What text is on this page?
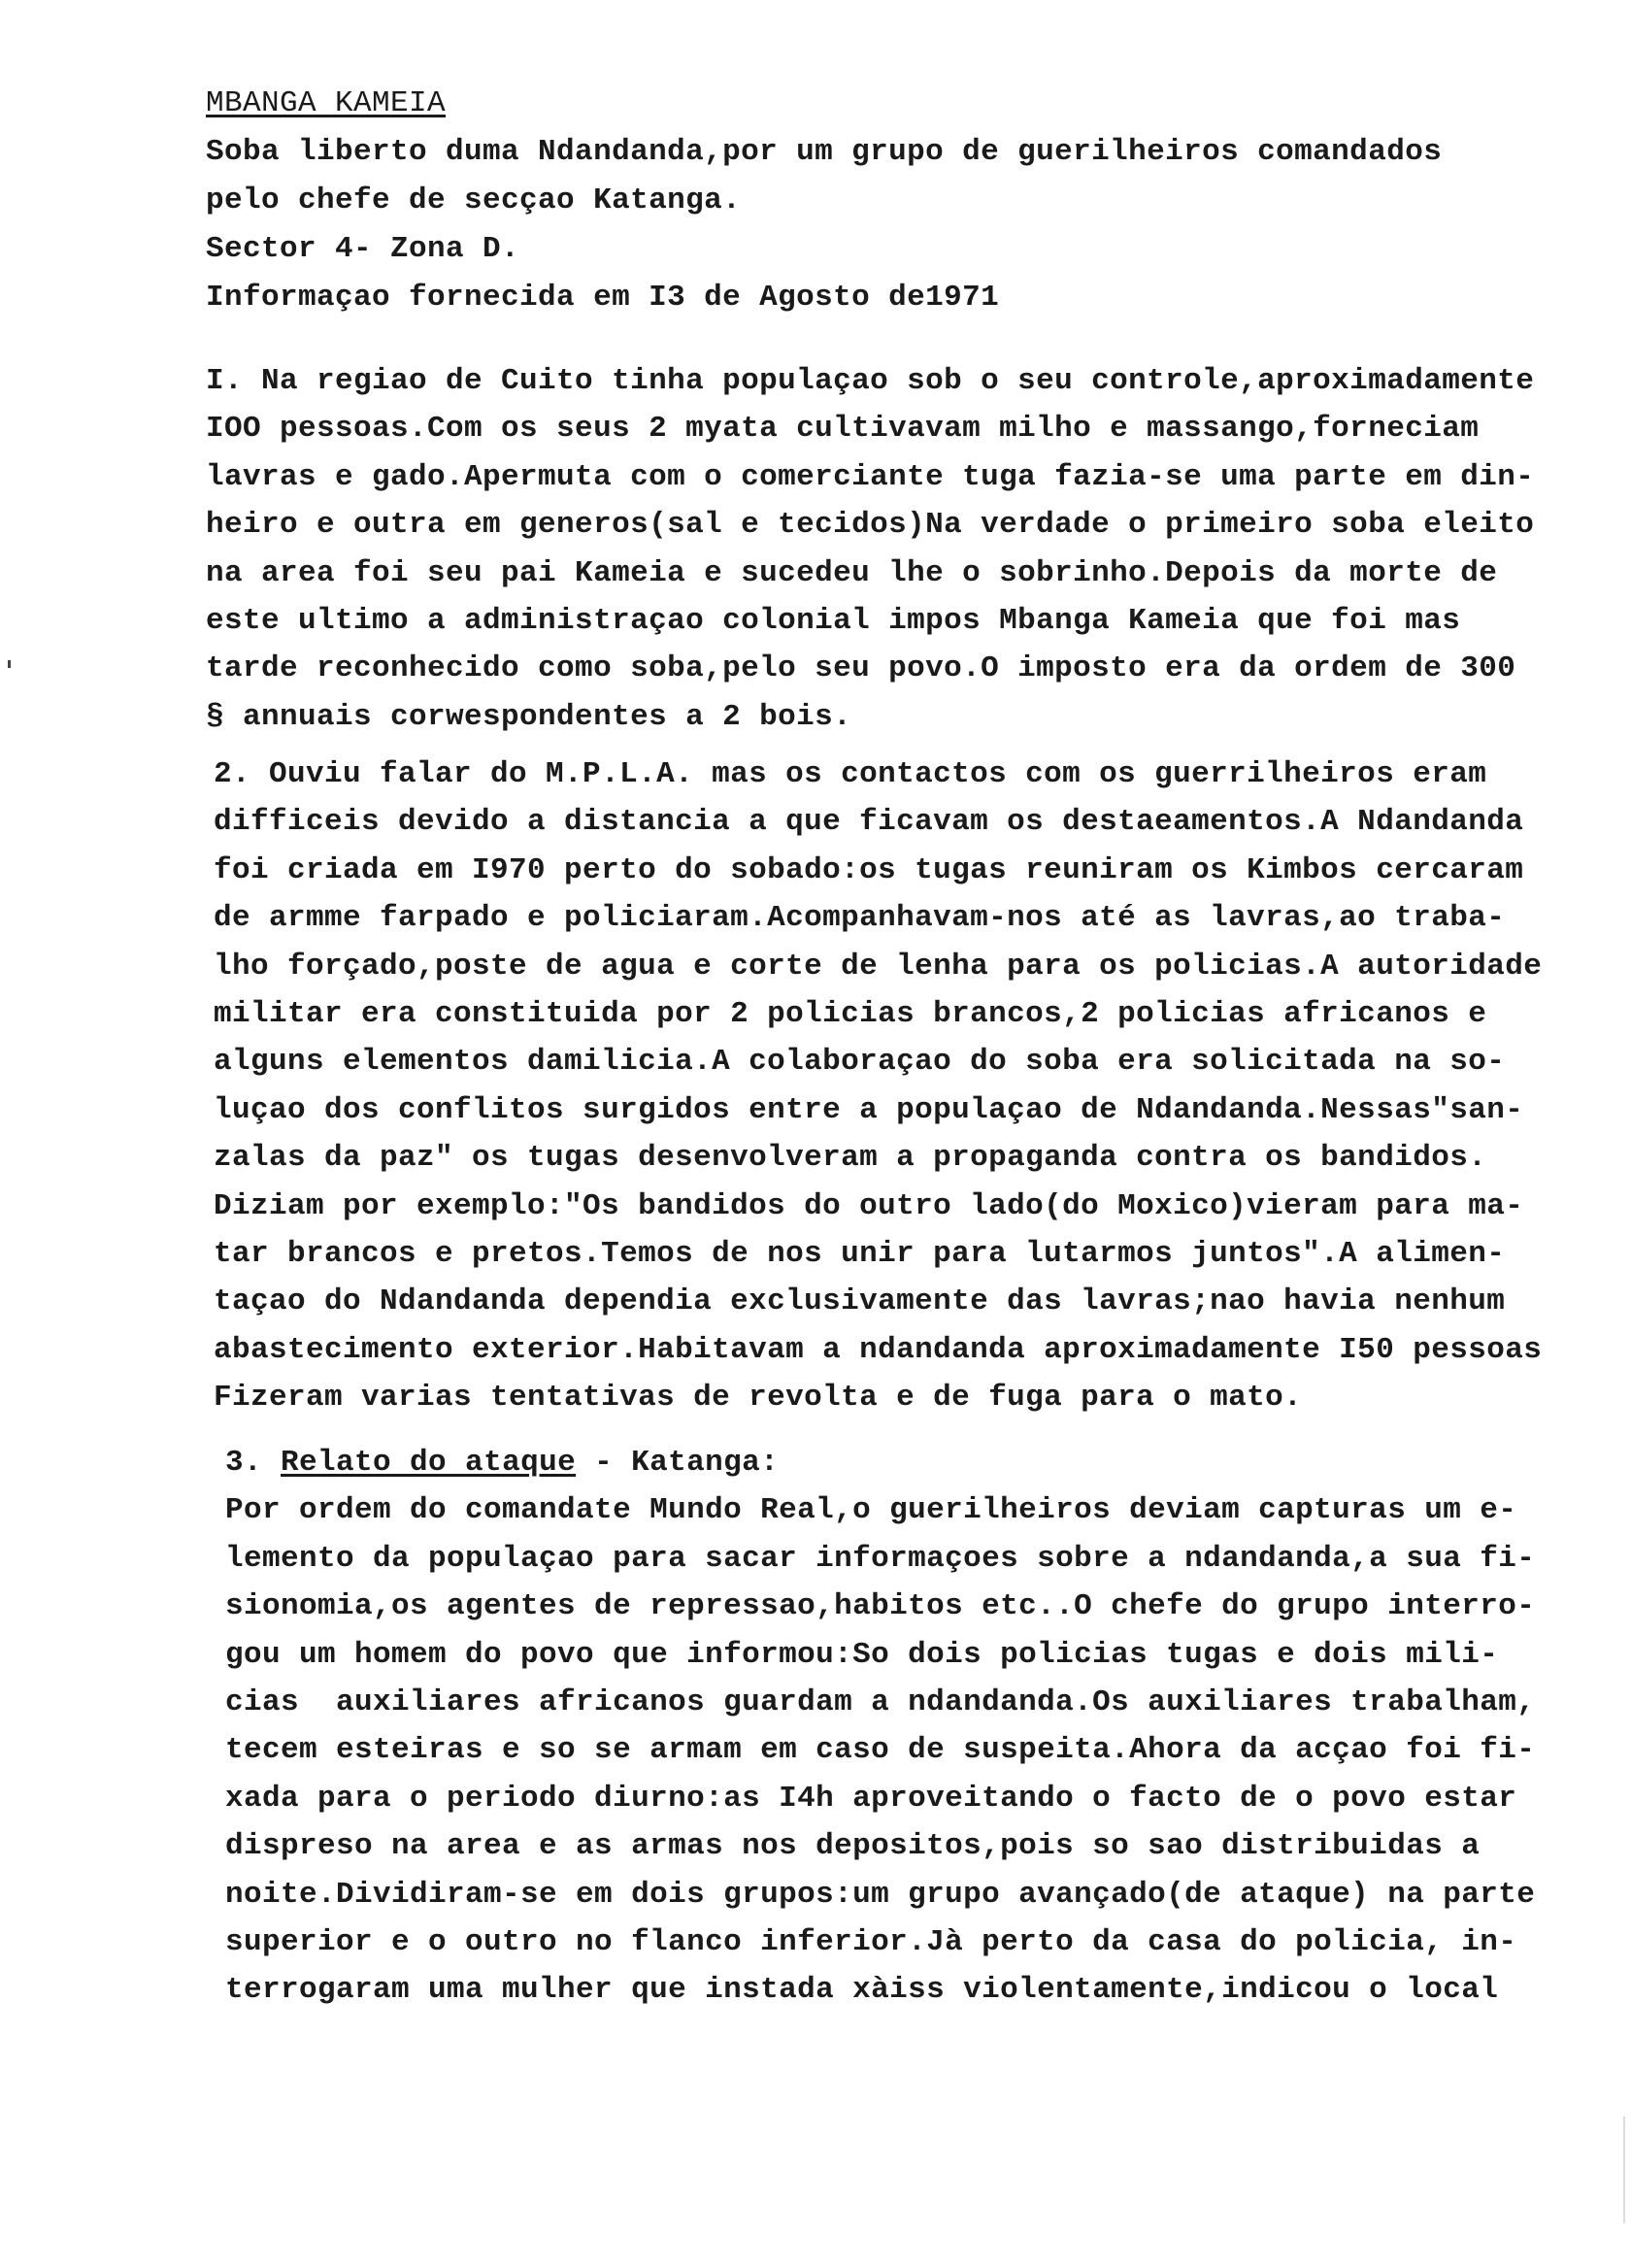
MBANGA KAMEIA
Soba liberto duma Ndandanda,por um grupo de guerilheiros comandados
pelo chefe de secçao Katanga.
Sector 4- Zona D.
Informaçao fornecida em I3 de Agosto de1971
I. Na regiao de Cuito tinha populaçao sob o seu controle,aproximadamente
IOO pessoas.Com os seus 2 myata cultivavam milho e massango,forneciam
lavras e gado.Apermuta com o comerciante tuga fazia-se uma parte em din-
heiro e outra em generos(sal e tecidos)Na verdade o primeiro soba eleito
na area foi seu pai Kameia e sucedeu lhe o sobrinho.Depois da morte de
este ultimo a administraçao colonial impos Mbanga Kameia que foi mas
tarde reconhecido como soba,pelo seu povo.O imposto era da ordem de 300
§ annuais corwespondentes a 2 bois.
2. Ouviu falar do M.P.L.A. mas os contactos com os guerrilheiros eram
difficeis devido a distancia a que ficavam os destaeamentos.A Ndandanda
foi criada em I970 perto do sobado:os tugas reuniram os Kimbos cercaram
de armme farpado e policiaram.Acompanhavam-nos até as lavras,ao traba-
lho forçado,poste de agua e corte de lenha para os policias.A autoridade
militar era constituida por 2 policias brancos,2 policias africanos e
alguns elementos damilicia.A colaboraçao do soba era solicitada na so-
luçao dos conflitos surgidos entre a populaçao de Ndandanda.Nessas"san-
zalas da paz" os tugas desenvolveram a propaganda contra os bandidos.
Diziam por exemplo:"Os bandidos do outro lado(do Moxico)vieram para ma-
tar brancos e pretos.Temos de nos unir para lutarmos juntos".A alimen-
taçao do Ndandanda dependia exclusivamente das lavras;nao havia nenhum
abastecimento exterior.Habitavam a ndandanda aproximadamente I50 pessoas
Fizeram varias tentativas de revolta e de fuga para o mato.
3. Relato do ataque - Katanga:
Por ordem do comandate Mundo Real,o guerilheiros deviam capturas um e-
lemento da populaçao para sacar informaçoes sobre a ndandanda,a sua fi-
sionomia,os agentes de repressao,habitos etc..O chefe do grupo interro-
gou um homem do povo que informou:So dois policias tugas e dois mili-
cias  auxiliares africanos guardam a ndandanda.Os auxiliares trabalham,
tecem esteiras e so se armam em caso de suspeita.Ahora da acçao foi fi-
xada para o periodo diurno:as I4h aproveitando o facto de o povo estar
dispreso na area e as armas nos depositos,pois so sao distribuidas a
noite.Dividiram-se em dois grupos:um grupo avançado(de ataque) na parte
superior e o outro no flanco inferior.Jà perto da casa do policia, in-
terrogaram uma mulher que instada xàiss violentamente,indicou o local
